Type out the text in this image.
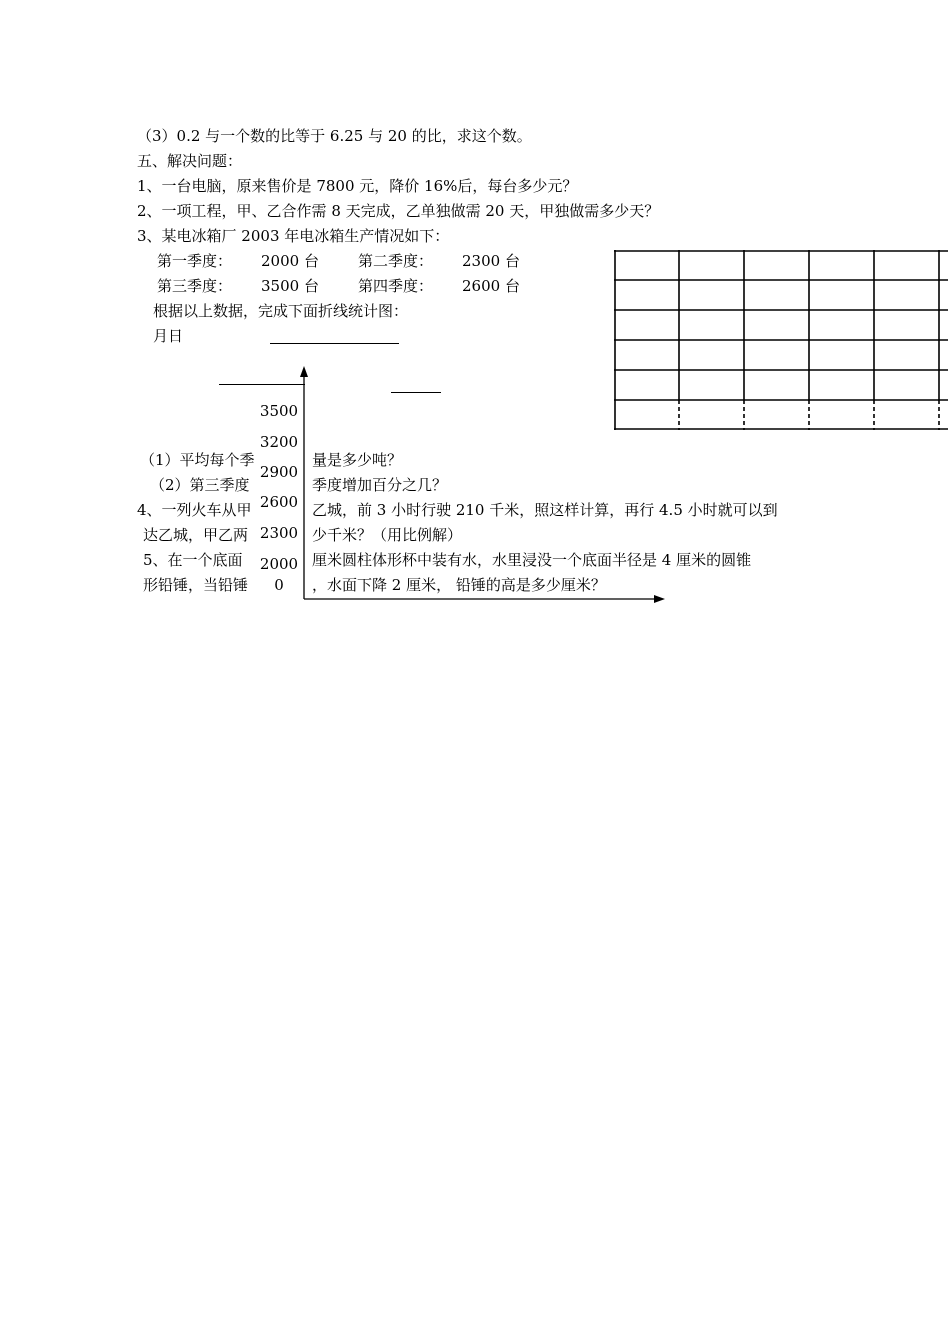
（3）0.2 与一个数的比等于 6.25 与 20 的比，求这个数。
五、解决问题：
1、一台电脑，原来售价是 7800 元，降价 16%后，每台多少元？
2、一项工程，甲、乙合作需 8 天完成，乙单独做需 20 天，甲独做需多少天？
3、某电冰箱厂 2003 年电冰箱生产情况如下：
第一季度： 2000 台	第二季度： 2300 台
第三季度： 3500 台	第四季度： 2600 台
根据以上数据，完成下面折线统计图：
月日
（1）平均每个季	量是多少吨？
（2）第三季度	季度增加百分之几？
4、一列火车从甲	乙城，前 3 小时行驶 210 千米，照这样计算，再行 4.5 小时就可以到
达乙城，甲乙两	少千米？（用比例解）
5、在一个底面	厘米圆柱体形杯中装有水，水里浸没一个底面半径是 4 厘米的圆锥
形铅锤，当铅锤	，水面下降 2 厘米， 铅锤的高是多少厘米？
3500
3200
2900
2600
2300
2000
0
